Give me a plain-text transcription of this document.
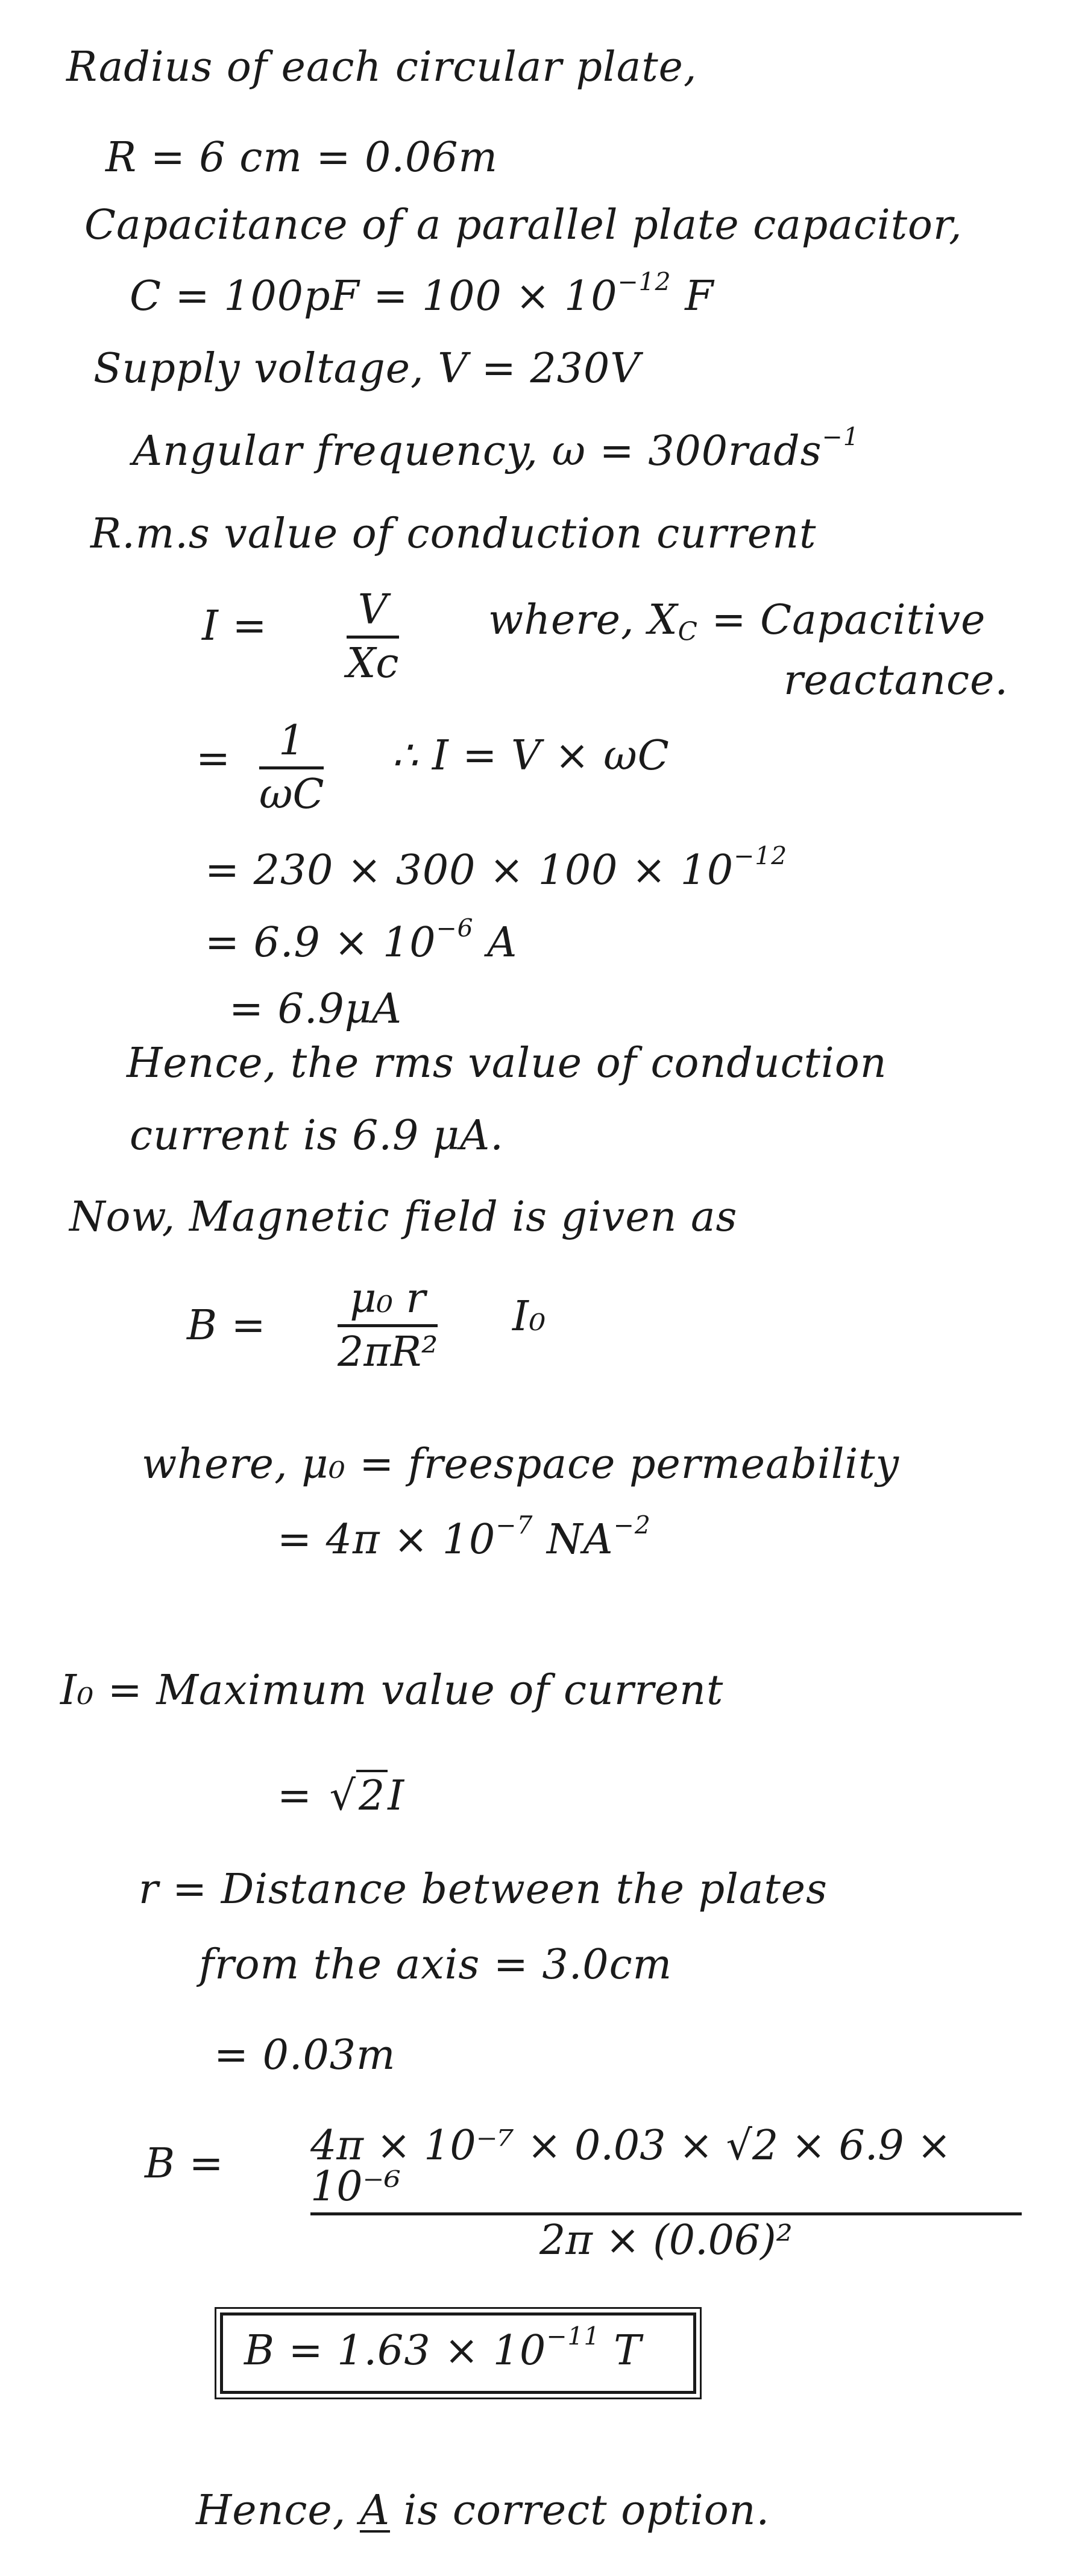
Radius of each circular plate,
R = 6 cm = 0.06m
Capacitance of a parallel plate capacitor,
$C = 100pF = 100 \times 10^{-12}$ F
Supply voltage, V = 230V
Angular frequency, ω = 300rads$^{-1}$
R.m.s value of conduction current
I = V
Xc
where, $X_C$ = Capacitive
reactance.
= 1
ωC
∴ I = V × ωC
= $230 \times 300 \times 100 \times 10^{-12}$
= $6.9 \times 10^{-6}$ A
= 6.9μA
Hence, the rms value of conduction
current is 6.9 μA.
Now, Magnetic field is given as
B =
μ₀ r
2πR²
I₀
where, μ₀ = freespace permeability
= $4\pi \times 10^{-7}$ $NA^{-2}$
I₀ = Maximum value of current
= √2I
r = Distance between the plates
from the axis = 3.0cm
= 0.03m
B = 4π × 10⁻⁷ × 0.03 × √2 × 6.9 × 10⁻⁶
2π × (0.06)²
$B = 1.63 \times 10^{-11}$ T
Hence, A is correct option.
